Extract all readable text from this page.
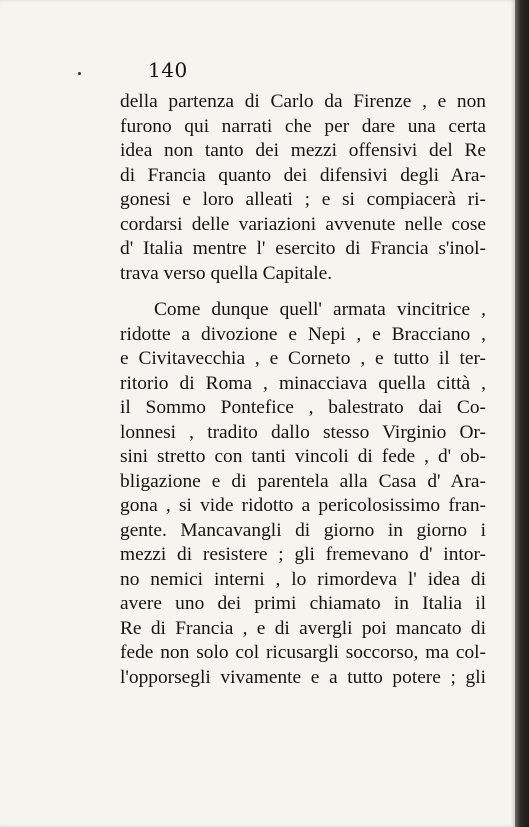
140
della partenza di Carlo da Firenze , e non
furono qui narrati che per dare una certa
idea non tanto dei mezzi offensivi del Re
di Francia quanto dei difensivi degli Ara-
gonesi e loro alleati ; e si compiacerà ri-
cordarsi delle variazioni avvenute nelle cose
d' Italia mentre l' esercito di Francia s'inol-
trava verso quella Capitale.
Come dunque quell' armata vincitrice ,
ridotte a divozione e Nepi , e Bracciano ,
e Civitavecchia , e Corneto , e tutto il ter-
ritorio di Roma , minacciava quella città ,
il Sommo Pontefice , balestrato dai Co-
lonnesi , tradito dallo stesso Virginio Or-
sini stretto con tanti vincoli di fede , d' ob-
bligazione e di parentela alla Casa d' Ara-
gona , si vide ridotto a pericolosissimo fran-
gente. Mancavangli di giorno in giorno i
mezzi di resistere ; gli fremevano d' intor-
no nemici interni , lo rimordeva l' idea di
avere uno dei primi chiamato in Italia il
Re di Francia , e di avergli poi mancato di
fede non solo col ricusargli soccorso, ma col-
l'opporsegli vivamente e a tutto potere ; gli
